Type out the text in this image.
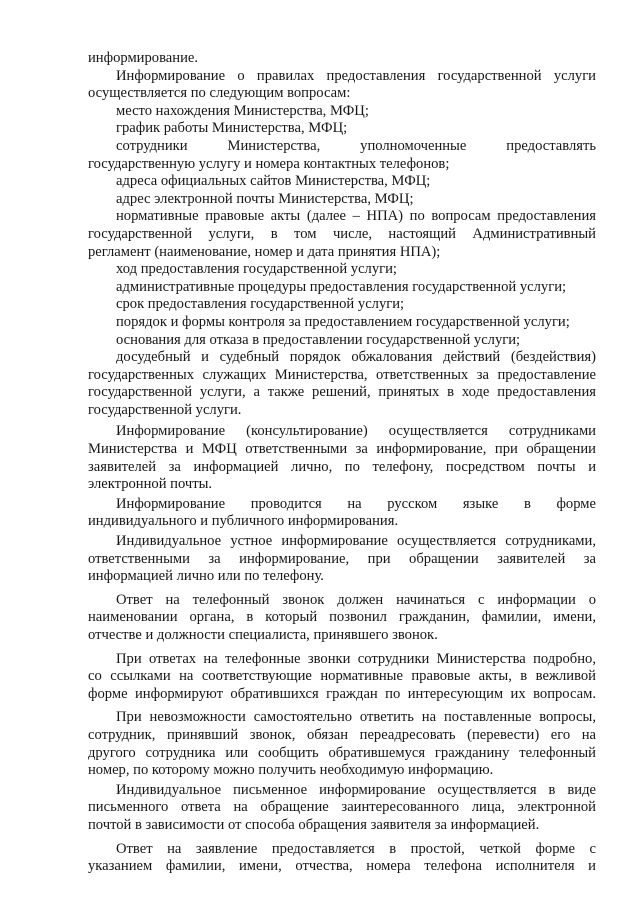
информирование.
Информирование о правилах предоставления государственной услуги
осуществляется по следующим вопросам:
место нахождения Министерства, МФЦ;
график работы Министерства, МФЦ;
сотрудники Министерства, уполномоченные предоставлять
государственную услугу и номера контактных телефонов;
адреса официальных сайтов Министерства, МФЦ;
адрес электронной почты Министерства, МФЦ;
нормативные правовые акты (далее – НПА) по вопросам предоставления
государственной услуги, в том числе, настоящий Административный
регламент (наименование, номер и дата принятия НПА);
ход предоставления государственной услуги;
административные процедуры предоставления государственной услуги;
срок предоставления государственной услуги;
порядок и формы контроля за предоставлением государственной услуги;
основания для отказа в предоставлении государственной услуги;
досудебный и судебный порядок обжалования действий (бездействия)
государственных служащих Министерства, ответственных за предоставление
государственной услуги, а также решений, принятых в ходе предоставления
государственной услуги.
Информирование (консультирование) осуществляется сотрудниками
Министерства и МФЦ ответственными за информирование, при обращении
заявителей за информацией лично, по телефону, посредством почты и
электронной почты.
Информирование проводится на русском языке в форме
индивидуального и публичного информирования.
Индивидуальное устное информирование осуществляется сотрудниками,
ответственными за информирование, при обращении заявителей за
информацией лично или по телефону.
Ответ на телефонный звонок должен начинаться с информации о
наименовании органа, в который позвонил гражданин, фамилии, имени,
отчестве и должности специалиста, принявшего звонок.
При ответах на телефонные звонки сотрудники Министерства подробно,
со ссылками на соответствующие нормативные правовые акты, в вежливой
форме информируют обратившихся граждан по интересующим их вопросам.
При невозможности самостоятельно ответить на поставленные вопросы,
сотрудник, принявший звонок, обязан переадресовать (перевести) его на
другого сотрудника или сообщить обратившемуся гражданину телефонный
номер, по которому можно получить необходимую информацию.
Индивидуальное письменное информирование осуществляется в виде
письменного ответа на обращение заинтересованного лица, электронной
почтой в зависимости от способа обращения заявителя за информацией.
Ответ на заявление предоставляется в простой, четкой форме с
указанием фамилии, имени, отчества, номера телефона исполнителя и
